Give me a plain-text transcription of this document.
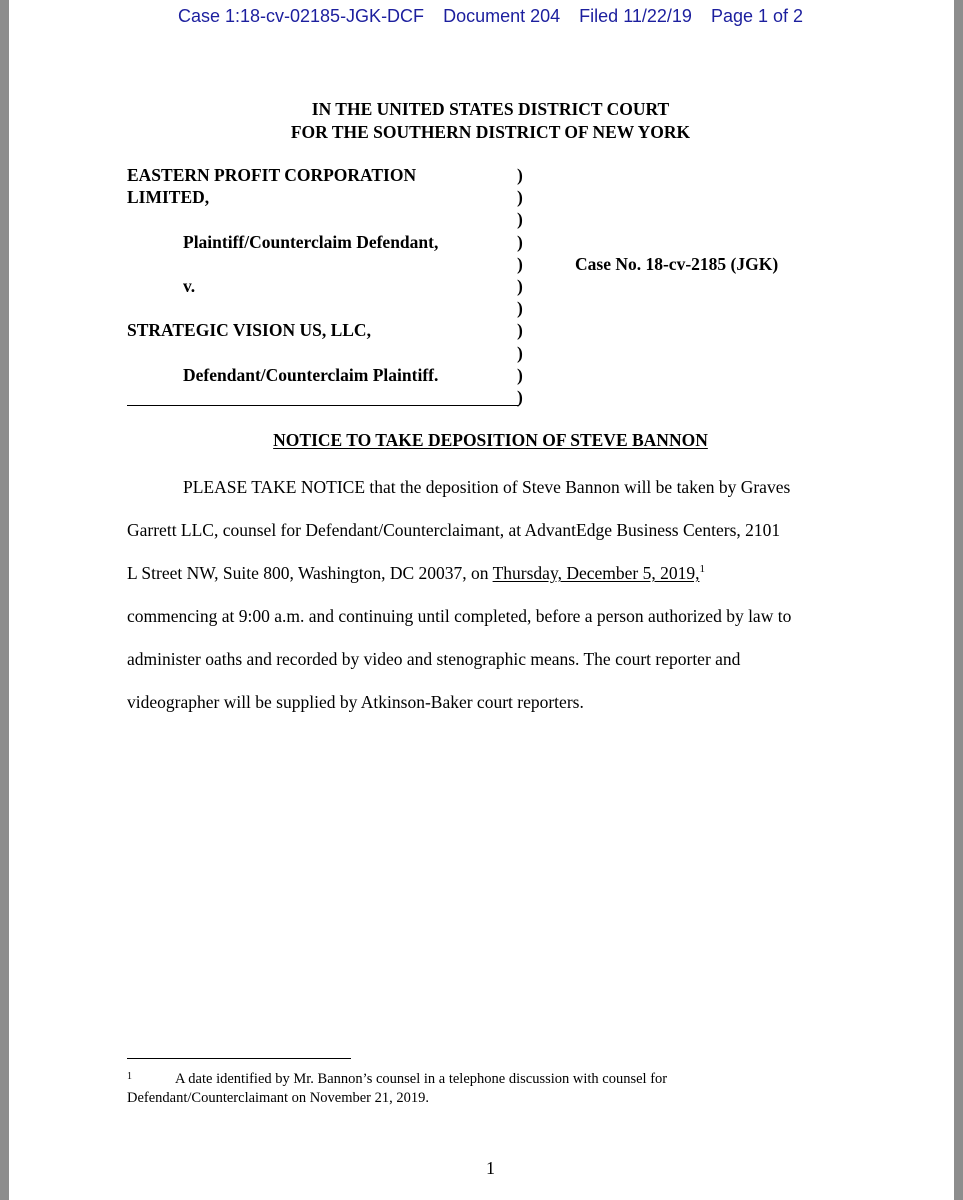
Case 1:18-cv-02185-JGK-DCF Document 204 Filed 11/22/19 Page 1 of 2
IN THE UNITED STATES DISTRICT COURT
FOR THE SOUTHERN DISTRICT OF NEW YORK
EASTERN PROFIT CORPORATION
LIMITED,
Plaintiff/Counterclaim Defendant,
v.
STRATEGIC VISION US, LLC,
Defendant/Counterclaim Plaintiff.
)
)
)
)
)
)
)
)
)
)
)
Case No. 18-cv-2185 (JGK)
NOTICE TO TAKE DEPOSITION OF STEVE BANNON
PLEASE TAKE NOTICE that the deposition of Steve Bannon will be taken by Graves
Garrett LLC, counsel for Defendant/Counterclaimant, at AdvantEdge Business Centers, 2101
L Street NW, Suite 800, Washington, DC 20037, on Thursday, December 5, 2019,$^1$
commencing at 9:00 a.m. and continuing until completed, before a person authorized by law to
administer oaths and recorded by video and stenographic means. The court reporter and
videographer will be supplied by Atkinson-Baker court reporters.
$^1$	A date identified by Mr. Bannon’s counsel in a telephone discussion with counsel for
Defendant/Counterclaimant on November 21, 2019.
1
